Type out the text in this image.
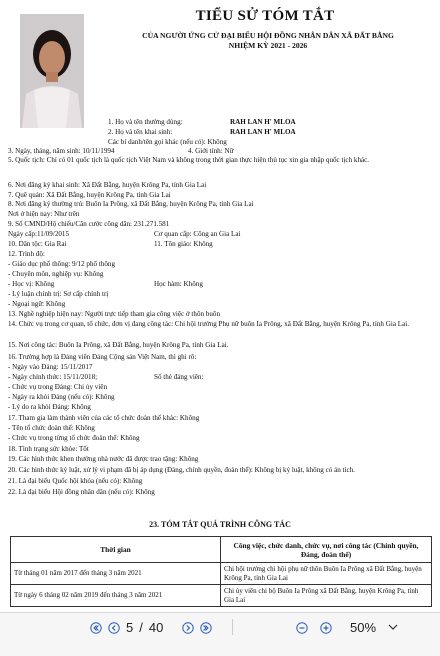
TIỂU SỬ TÓM TẮT
CỦA NGƯỜI ỨNG CỬ ĐẠI BIỂU HỘI ĐỒNG NHÂN DÂN XÃ ĐẤT BẰNG
NHIỆM KỲ 2021 - 2026
1. Họ và tên thường dùng:	RAH LAN H' MLOA
2. Họ và tên khai sinh:	RAH LAN H' MLOA
Các bí danh/tên gọi khác (nếu có): Không
3. Ngày, tháng, năm sinh: 10/11/1994	4. Giới tính: Nữ
5. Quốc tịch: Chỉ có 01 quốc tịch là quốc tịch Việt Nam và không trong thời gian thực hiện thủ tục xin gia nhập quốc tịch khác.
6. Nơi đăng ký khai sinh: Xã Đất Bằng, huyện Krông Pa, tỉnh Gia Lai
7. Quê quán: Xã Đất Bằng, huyện Krông Pa, tỉnh Gia Lai
8. Nơi đăng ký thường trú: Buôn Ia Prông, xã Đất Bằng, huyện Krông Pa, tỉnh Gia Lai
Nơi ở hiện nay: Như trên
9. Số CMND/Hộ chiếu/Căn cước công dân: 231.271.581
Ngày cấp:11/09/2015	Cơ quan cấp: Công an Gia Lai
10. Dân tộc: Gia Rai	11. Tôn giáo: Không
12. Trình độ:
- Giáo dục phổ thông: 9/12 phổ thông
- Chuyên môn, nghiệp vụ: Không
- Học vị: Không	Học hàm: Không
- Lý luận chính trị: Sơ cấp chính trị
- Ngoại ngữ: Không
13. Nghề nghiệp hiện nay: Người trực tiếp tham gia công việc ở thôn buôn
14. Chức vụ trong cơ quan, tổ chức, đơn vị đang công tác: Chi hội trưởng Phụ nữ buôn Ia Prông, xã Đất Bằng, huyện Krông Pa, tỉnh Gia Lai.
15. Nơi công tác: Buôn Ia Prông, xã Đất Bằng, huyện Krông Pa, tỉnh Gia Lai.
16. Trường hợp là Đảng viên Đảng Cộng sản Việt Nam, thì ghi rõ:
- Ngày vào Đảng: 15/11/2017
- Ngày chính thức: 15/11/2018;	Số thẻ đảng viên:
- Chức vụ trong Đảng: Chi ủy viên
- Ngày ra khỏi Đảng (nếu có): Không
- Lý do ra khỏi Đảng: Không
17. Tham gia làm thành viên của các tổ chức đoàn thể khác: Không
- Tên tổ chức đoàn thể: Không
- Chức vụ trong từng tổ chức đoàn thể: Không
18. Tình trạng sức khỏe: Tốt
19. Các hình thức khen thưởng nhà nước đã được trao tặng: Không
20. Các hình thức kỷ luật, xử lý vi phạm đã bị áp dụng (Đảng, chính quyền, đoàn thể): Không bị kỷ luật, không có án tích.
21. Là đại biểu Quốc hội khóa (nếu có): Không
22. Là đại biểu Hội đồng nhân dân (nếu có): Không
23. TÓM TẮT QUÁ TRÌNH CÔNG TÁC
Thời gian	Công việc, chức danh, chức vụ, nơi công tác (Chính quyền, Đảng, đoàn thể)
Từ tháng 01 năm 2017 đến tháng 3 năm 2021	Chi hội trưởng chi hội phụ nữ thôn Buôn Ia Prông xã Đất Bằng, huyện Krông Pa, tỉnh Gia Lai
Từ ngày 6 tháng 02 năm 2019 đến tháng 3 năm 2021	Chi ủy viên chi bộ Buôn Ia Prông xã Đất Bằng, huyện Krông Pa, tỉnh Gia Lai
5 / 40	50%
